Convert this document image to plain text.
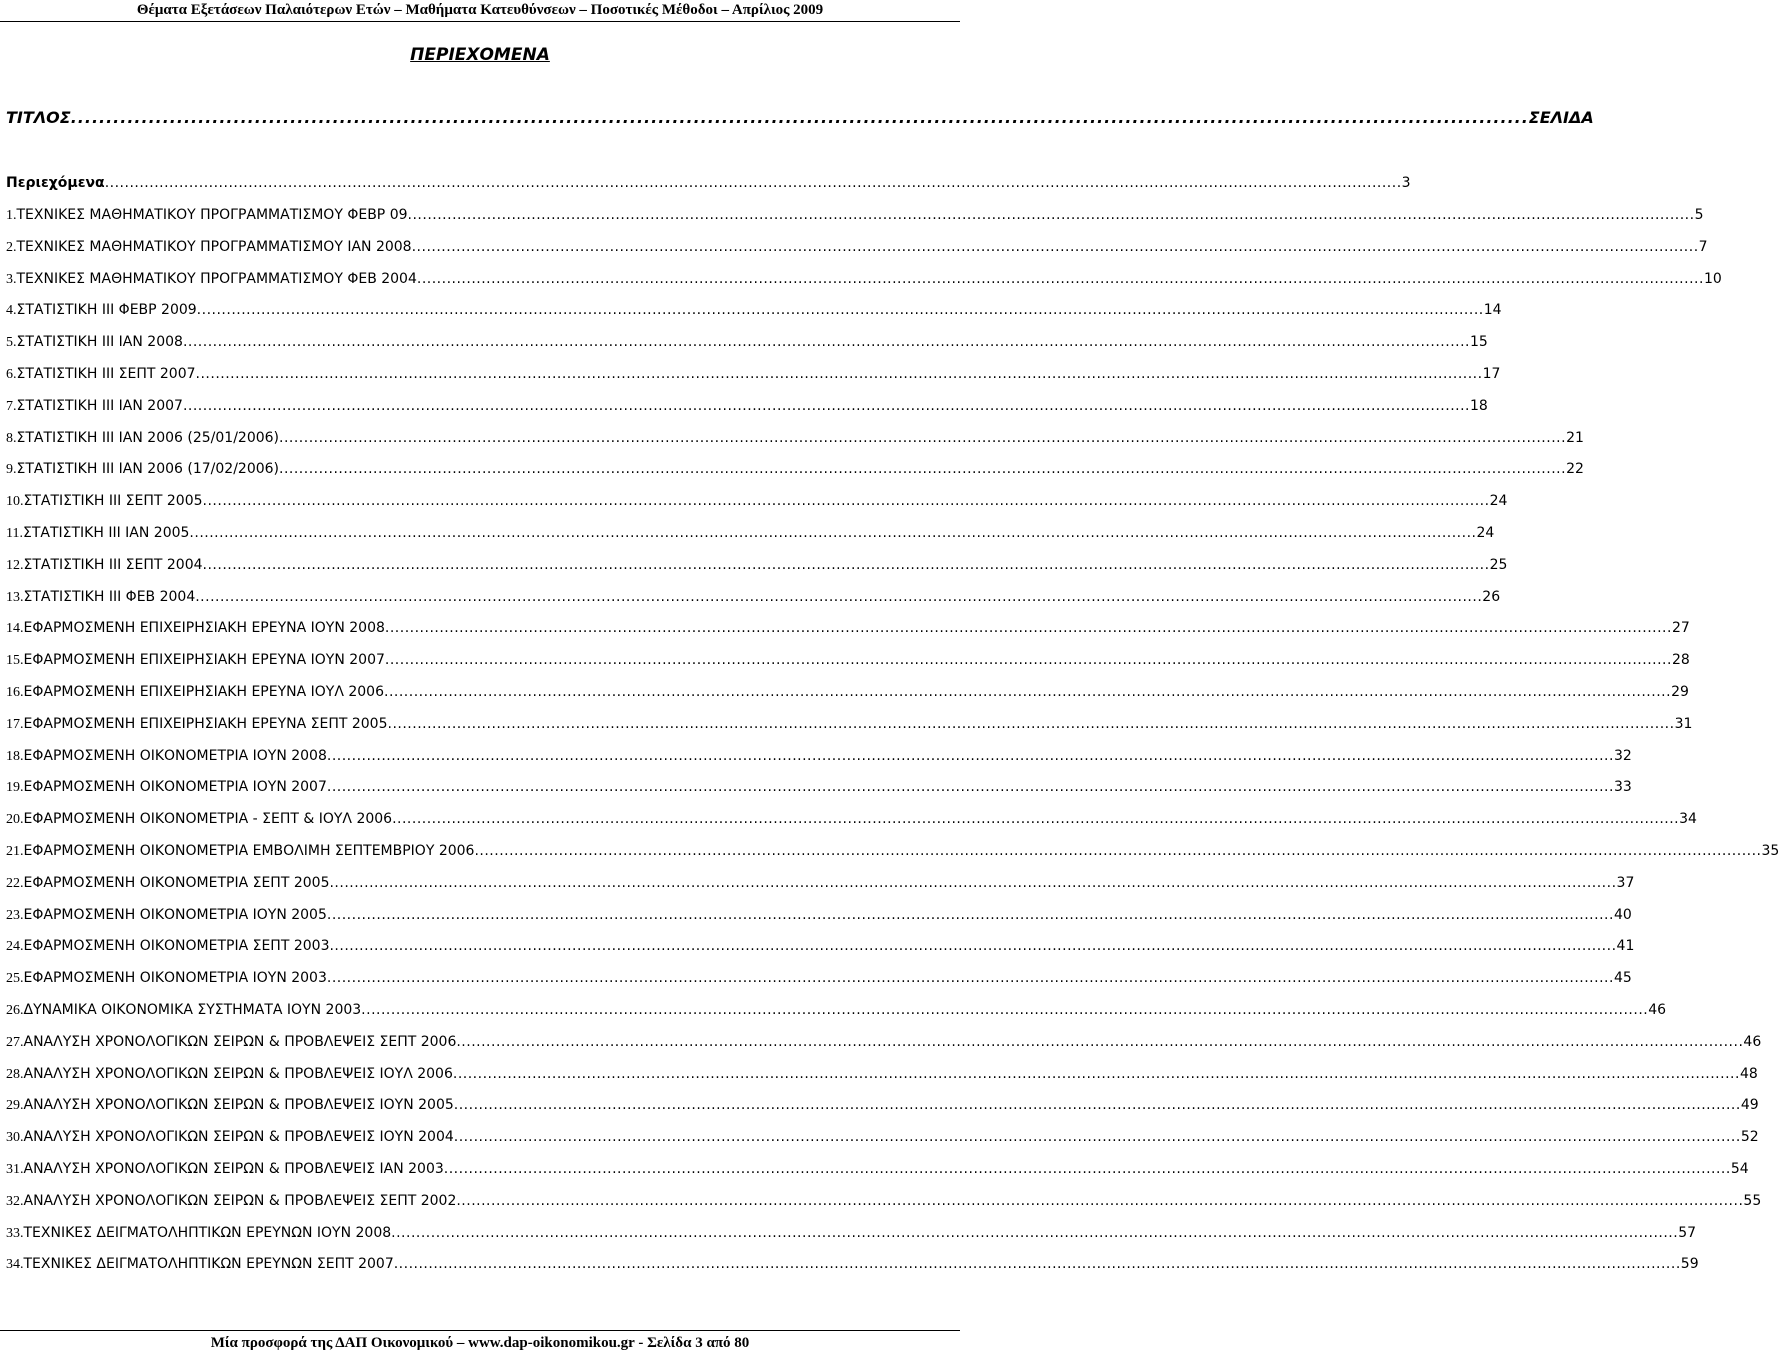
Θέματα Εξετάσεων Παλαιότερων Ετών – Μαθήματα Κατευθύνσεων – Ποσοτικές Μέθοδοι – Απρίλιος 2009
ΠΕΡΙΕΧΟΜΕΝΑ
ΤΙΤΛΟΣ .............................................................................................................................................................................................................. ΣΕΛΙΔΑ
Περιεχόμενα ...................................................................................................................................................................................................................................................................... 3
1. ΤΕΧΝΙΚΕΣ ΜΑΘΗΜΑΤΙΚΟΥ ΠΡΟΓΡΑΜΜΑΤΙΣΜΟΥ ΦΕΒΡ 09 .................................................................................................................................................................................................................................................................... 5
2. ΤΕΧΝΙΚΕΣ ΜΑΘΗΜΑΤΙΚΟΥ ΠΡΟΓΡΑΜΜΑΤΙΣΜΟΥ ΙΑΝ 2008 .................................................................................................................................................................................................................................................................... 7
3. ΤΕΧΝΙΚΕΣ ΜΑΘΗΜΑΤΙΚΟΥ ΠΡΟΓΡΑΜΜΑΤΙΣΜΟΥ ΦΕΒ 2004 .................................................................................................................................................................................................................................................................... 10
4. ΣΤΑΤΙΣΤΙΚΗ ΙΙΙ ΦΕΒΡ 2009 .................................................................................................................................................................................................................................................................... 14
5. ΣΤΑΤΙΣΤΙΚΗ ΙΙΙ ΙΑΝ 2008 .................................................................................................................................................................................................................................................................... 15
6. ΣΤΑΤΙΣΤΙΚΗ ΙΙΙ ΣΕΠΤ 2007 .................................................................................................................................................................................................................................................................... 17
7. ΣΤΑΤΙΣΤΙΚΗ ΙΙΙ ΙΑΝ 2007 .................................................................................................................................................................................................................................................................... 18
8. ΣΤΑΤΙΣΤΙΚΗ ΙΙΙ ΙΑΝ 2006 (25/01/2006) .................................................................................................................................................................................................................................................................... 21
9. ΣΤΑΤΙΣΤΙΚΗ ΙΙΙ ΙΑΝ 2006 (17/02/2006) .................................................................................................................................................................................................................................................................... 22
10. ΣΤΑΤΙΣΤΙΚΗ ΙΙΙ ΣΕΠΤ 2005 .................................................................................................................................................................................................................................................................... 24
11. ΣΤΑΤΙΣΤΙΚΗ ΙΙΙ ΙΑΝ 2005 .................................................................................................................................................................................................................................................................... 24
12. ΣΤΑΤΙΣΤΙΚΗ ΙΙΙ ΣΕΠΤ 2004 .................................................................................................................................................................................................................................................................... 25
13. ΣΤΑΤΙΣΤΙΚΗ ΙΙΙ ΦΕΒ 2004 .................................................................................................................................................................................................................................................................... 26
14. ΕΦΑΡΜΟΣΜΕΝΗ ΕΠΙΧΕΙΡΗΣΙΑΚΗ ΕΡΕΥΝΑ ΙΟΥΝ 2008 .................................................................................................................................................................................................................................................................... 27
15. ΕΦΑΡΜΟΣΜΕΝΗ ΕΠΙΧΕΙΡΗΣΙΑΚΗ ΕΡΕΥΝΑ ΙΟΥΝ 2007 .................................................................................................................................................................................................................................................................... 28
16. ΕΦΑΡΜΟΣΜΕΝΗ ΕΠΙΧΕΙΡΗΣΙΑΚΗ ΕΡΕΥΝΑ ΙΟΥΛ 2006 .................................................................................................................................................................................................................................................................... 29
17. ΕΦΑΡΜΟΣΜΕΝΗ ΕΠΙΧΕΙΡΗΣΙΑΚΗ ΕΡΕΥΝΑ ΣΕΠΤ 2005 .................................................................................................................................................................................................................................................................... 31
18. ΕΦΑΡΜΟΣΜΕΝΗ ΟΙΚΟΝΟΜΕΤΡΙΑ ΙΟΥΝ 2008 .................................................................................................................................................................................................................................................................... 32
19. ΕΦΑΡΜΟΣΜΕΝΗ ΟΙΚΟΝΟΜΕΤΡΙΑ ΙΟΥΝ 2007 .................................................................................................................................................................................................................................................................... 33
20. ΕΦΑΡΜΟΣΜΕΝΗ ΟΙΚΟΝΟΜΕΤΡΙΑ - ΣΕΠΤ & ΙΟΥΛ 2006 .................................................................................................................................................................................................................................................................... 34
21. ΕΦΑΡΜΟΣΜΕΝΗ ΟΙΚΟΝΟΜΕΤΡΙΑ ΕΜΒΟΛΙΜΗ ΣΕΠΤΕΜΒΡΙΟΥ 2006 .................................................................................................................................................................................................................................................................... 35
22. ΕΦΑΡΜΟΣΜΕΝΗ ΟΙΚΟΝΟΜΕΤΡΙΑ ΣΕΠΤ 2005 .................................................................................................................................................................................................................................................................... 37
23. ΕΦΑΡΜΟΣΜΕΝΗ ΟΙΚΟΝΟΜΕΤΡΙΑ ΙΟΥΝ 2005 .................................................................................................................................................................................................................................................................... 40
24. ΕΦΑΡΜΟΣΜΕΝΗ ΟΙΚΟΝΟΜΕΤΡΙΑ ΣΕΠΤ 2003 .................................................................................................................................................................................................................................................................... 41
25. ΕΦΑΡΜΟΣΜΕΝΗ ΟΙΚΟΝΟΜΕΤΡΙΑ ΙΟΥΝ 2003 .................................................................................................................................................................................................................................................................... 45
26. ΔΥΝΑΜΙΚΑ ΟΙΚΟΝΟΜΙΚΑ ΣΥΣΤΗΜΑΤΑ ΙΟΥΝ 2003 .................................................................................................................................................................................................................................................................... 46
27. ΑΝΑΛΥΣΗ ΧΡΟΝΟΛΟΓΙΚΩΝ ΣΕΙΡΩΝ & ΠΡΟΒΛΕΨΕΙΣ ΣΕΠΤ 2006 .................................................................................................................................................................................................................................................................... 46
28. ΑΝΑΛΥΣΗ ΧΡΟΝΟΛΟΓΙΚΩΝ ΣΕΙΡΩΝ & ΠΡΟΒΛΕΨΕΙΣ ΙΟΥΛ 2006 .................................................................................................................................................................................................................................................................... 48
29. ΑΝΑΛΥΣΗ ΧΡΟΝΟΛΟΓΙΚΩΝ ΣΕΙΡΩΝ & ΠΡΟΒΛΕΨΕΙΣ ΙΟΥΝ 2005 .................................................................................................................................................................................................................................................................... 49
30. ΑΝΑΛΥΣΗ ΧΡΟΝΟΛΟΓΙΚΩΝ ΣΕΙΡΩΝ & ΠΡΟΒΛΕΨΕΙΣ ΙΟΥΝ 2004 .................................................................................................................................................................................................................................................................... 52
31. ΑΝΑΛΥΣΗ ΧΡΟΝΟΛΟΓΙΚΩΝ ΣΕΙΡΩΝ & ΠΡΟΒΛΕΨΕΙΣ ΙΑΝ 2003 .................................................................................................................................................................................................................................................................... 54
32. ΑΝΑΛΥΣΗ ΧΡΟΝΟΛΟΓΙΚΩΝ ΣΕΙΡΩΝ & ΠΡΟΒΛΕΨΕΙΣ ΣΕΠΤ 2002 .................................................................................................................................................................................................................................................................... 55
33. ΤΕΧΝΙΚΕΣ ΔΕΙΓΜΑΤΟΛΗΠΤΙΚΩΝ ΕΡΕΥΝΩΝ ΙΟΥΝ 2008 .................................................................................................................................................................................................................................................................... 57
34. ΤΕΧΝΙΚΕΣ ΔΕΙΓΜΑΤΟΛΗΠΤΙΚΩΝ ΕΡΕΥΝΩΝ ΣΕΠΤ 2007 .................................................................................................................................................................................................................................................................... 59
Μία προσφορά της ΔΑΠ Οικονομικού – www.dap-oikonomikou.gr - Σελίδα 3 από 80
